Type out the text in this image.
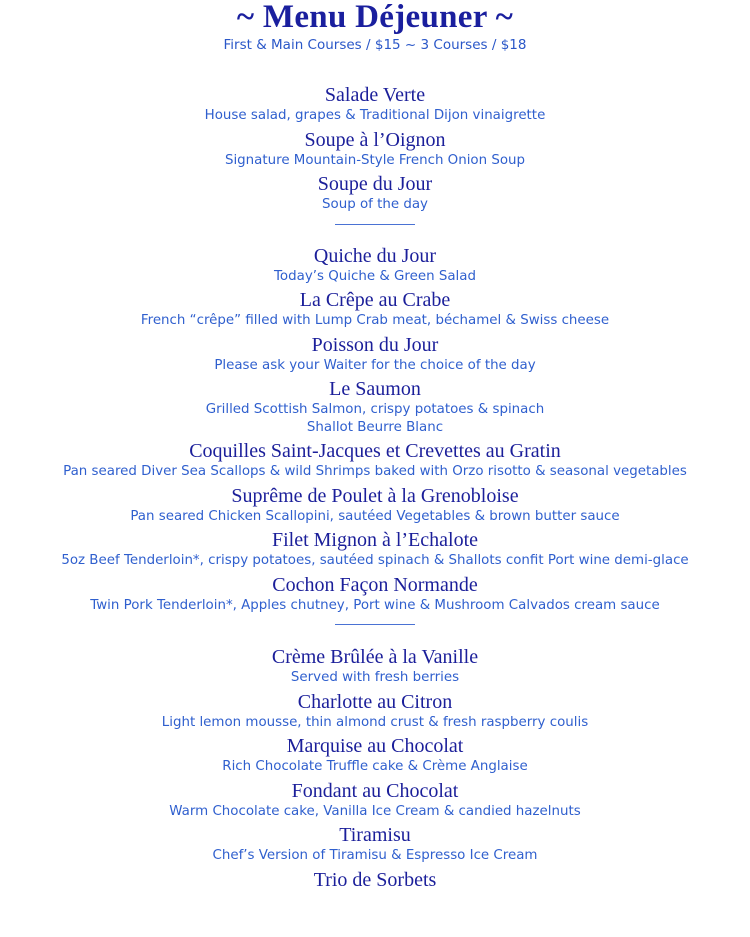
~ Menu Déjeuner ~
First & Main Courses / $15 ~ 3 Courses / $18
Salade Verte
House salad, grapes & Traditional Dijon vinaigrette
Soupe à l’Oignon
Signature Mountain-Style French Onion Soup
Soupe du Jour
Soup of the day
Quiche du Jour
Today’s Quiche & Green Salad
La Crêpe au Crabe
French “crêpe” filled with Lump Crab meat, béchamel & Swiss cheese
Poisson du Jour
Please ask your Waiter for the choice of the day
Le Saumon
Grilled Scottish Salmon, crispy potatoes & spinach
Shallot Beurre Blanc
Coquilles Saint-Jacques et Crevettes au Gratin
Pan seared Diver Sea Scallops & wild Shrimps baked with Orzo risotto & seasonal vegetables
Suprême de Poulet à la Grenobloise
Pan seared Chicken Scallopini, sautéed Vegetables & brown butter sauce
Filet Mignon à l’Echalote
5oz Beef Tenderloin*, crispy potatoes, sautéed spinach & Shallots confit Port wine demi-glace
Cochon Façon Normande
Twin Pork Tenderloin*, Apples chutney, Port wine & Mushroom Calvados cream sauce
Crème Brûlée à la Vanille
Served with fresh berries
Charlotte au Citron
Light lemon mousse, thin almond crust & fresh raspberry coulis
Marquise au Chocolat
Rich Chocolate Truffle cake & Crème Anglaise
Fondant au Chocolat
Warm Chocolate cake, Vanilla Ice Cream & candied hazelnuts
Tiramisu
Chef’s Version of Tiramisu & Espresso Ice Cream
Trio de Sorbets
